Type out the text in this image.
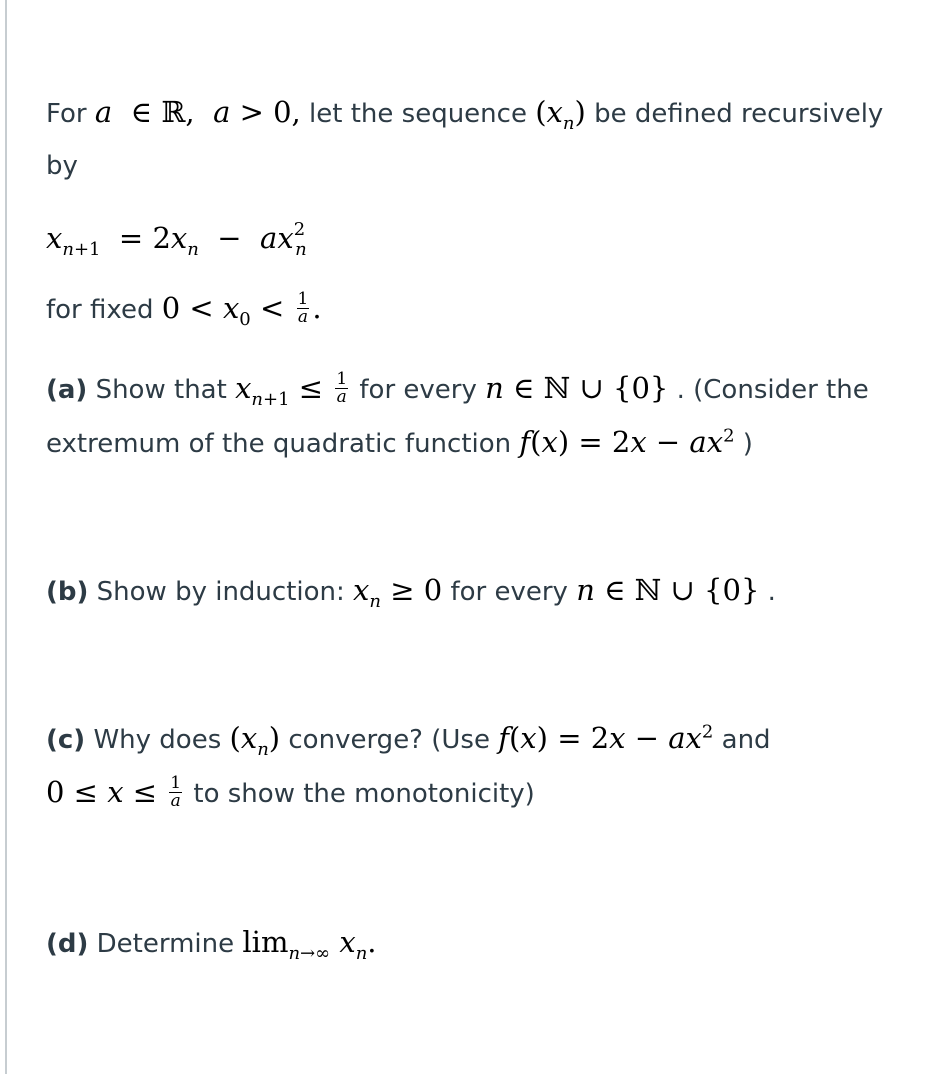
For a  ∈ ℝ,  a > 0, let the sequence $(x_n)$ be defined recursively by

$x_{n+1} = 2x_n - ax^2_n$

for fixed $0 < x_0 < \frac{1}{a}$ .

(a) Show that $x_{n+1} \le \frac{1}{a}$ for every n ∈ ℕ ∪ {0} . (Consider the extremum of the quadratic function $f(x) = 2x - ax^2$ )

(b) Show by induction: $x_n \ge 0$ for every n ∈ ℕ ∪ {0} .

(c) Why does $(x_n)$ converge? (Use $f(x) = 2x - ax^2$ and
$0 \le x \le \frac{1}{a}$ to show the monotonicity)

(d) Determine $\lim_{n\to\infty} x_n$.
